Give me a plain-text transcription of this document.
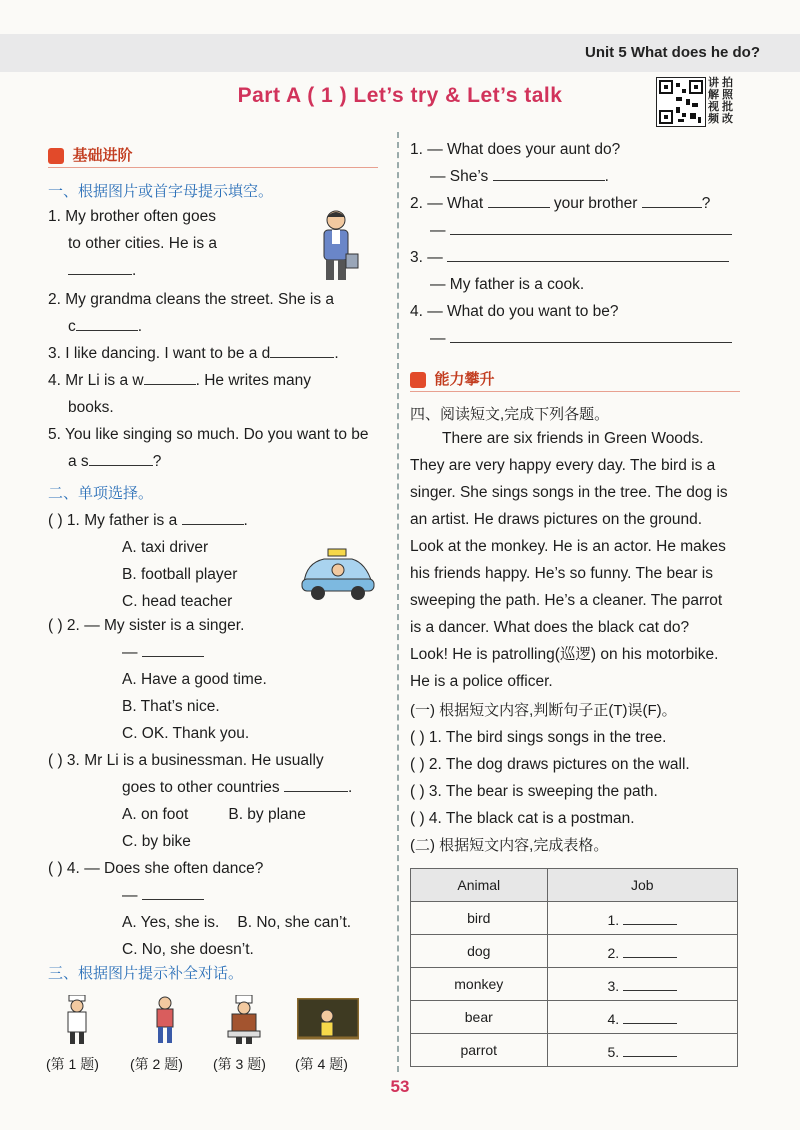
Unit 5 What does he do?
Part A ( 1 ) Let’s try & Let’s talk
讲 拍 解 照 视 批 频 改
基础进阶
一、根据图片或首字母提示填空。
1. My brother often goes
to other cities. He is a
.
2. My grandma cleans the street. She is a
c	.
3. I like dancing. I want to be a d	.
4. Mr Li is a w	. He writes many
books.
5. You like singing so much. Do you want to be
a s	?
二、单项选择。
( ) 1. My father is a	.
A. taxi driver
B. football player
C. head teacher
( ) 2. — My sister is a singer.
—
A. Have a good time.
B. That’s nice.
C. OK. Thank you.
( ) 3. Mr Li is a businessman. He usually
goes to other countries	.
A. on foot	B. by plane
C. by bike
( ) 4. — Does she often dance?
—
A. Yes, she is. B. No, she can’t.
C. No, she doesn’t.
三、根据图片提示补全对话。
(第 1 题) (第 2 题) (第 3 题) (第 4 题)
1. — What does your aunt do?
— She’s	.
2. — What	your brother	?
—
3. —
— My father is a cook.
4. — What do you want to be?
—
能力攀升
四、阅读短文,完成下列各题。
There are six friends in Green Woods.
They are very happy every day. The bird is a
singer. She sings songs in the tree. The dog is
an artist. He draws pictures on the ground.
Look at the monkey. He is an actor. He makes
his friends happy. He’s so funny. The bear is
sweeping the path. He’s a cleaner. The parrot
is a dancer. What does the black cat do?
Look! He is patrolling(巡逻) on his motorbike.
He is a police officer.
(一) 根据短文内容,判断句子正(T)误(F)。
( ) 1. The bird sings songs in the tree.
( ) 2. The dog draws pictures on the wall.
( ) 3. The bear is sweeping the path.
( ) 4. The black cat is a postman.
(二) 根据短文内容,完成表格。
Animal	Job
bird	1.
dog	2.
monkey	3.
bear	4.
parrot	5.
53
